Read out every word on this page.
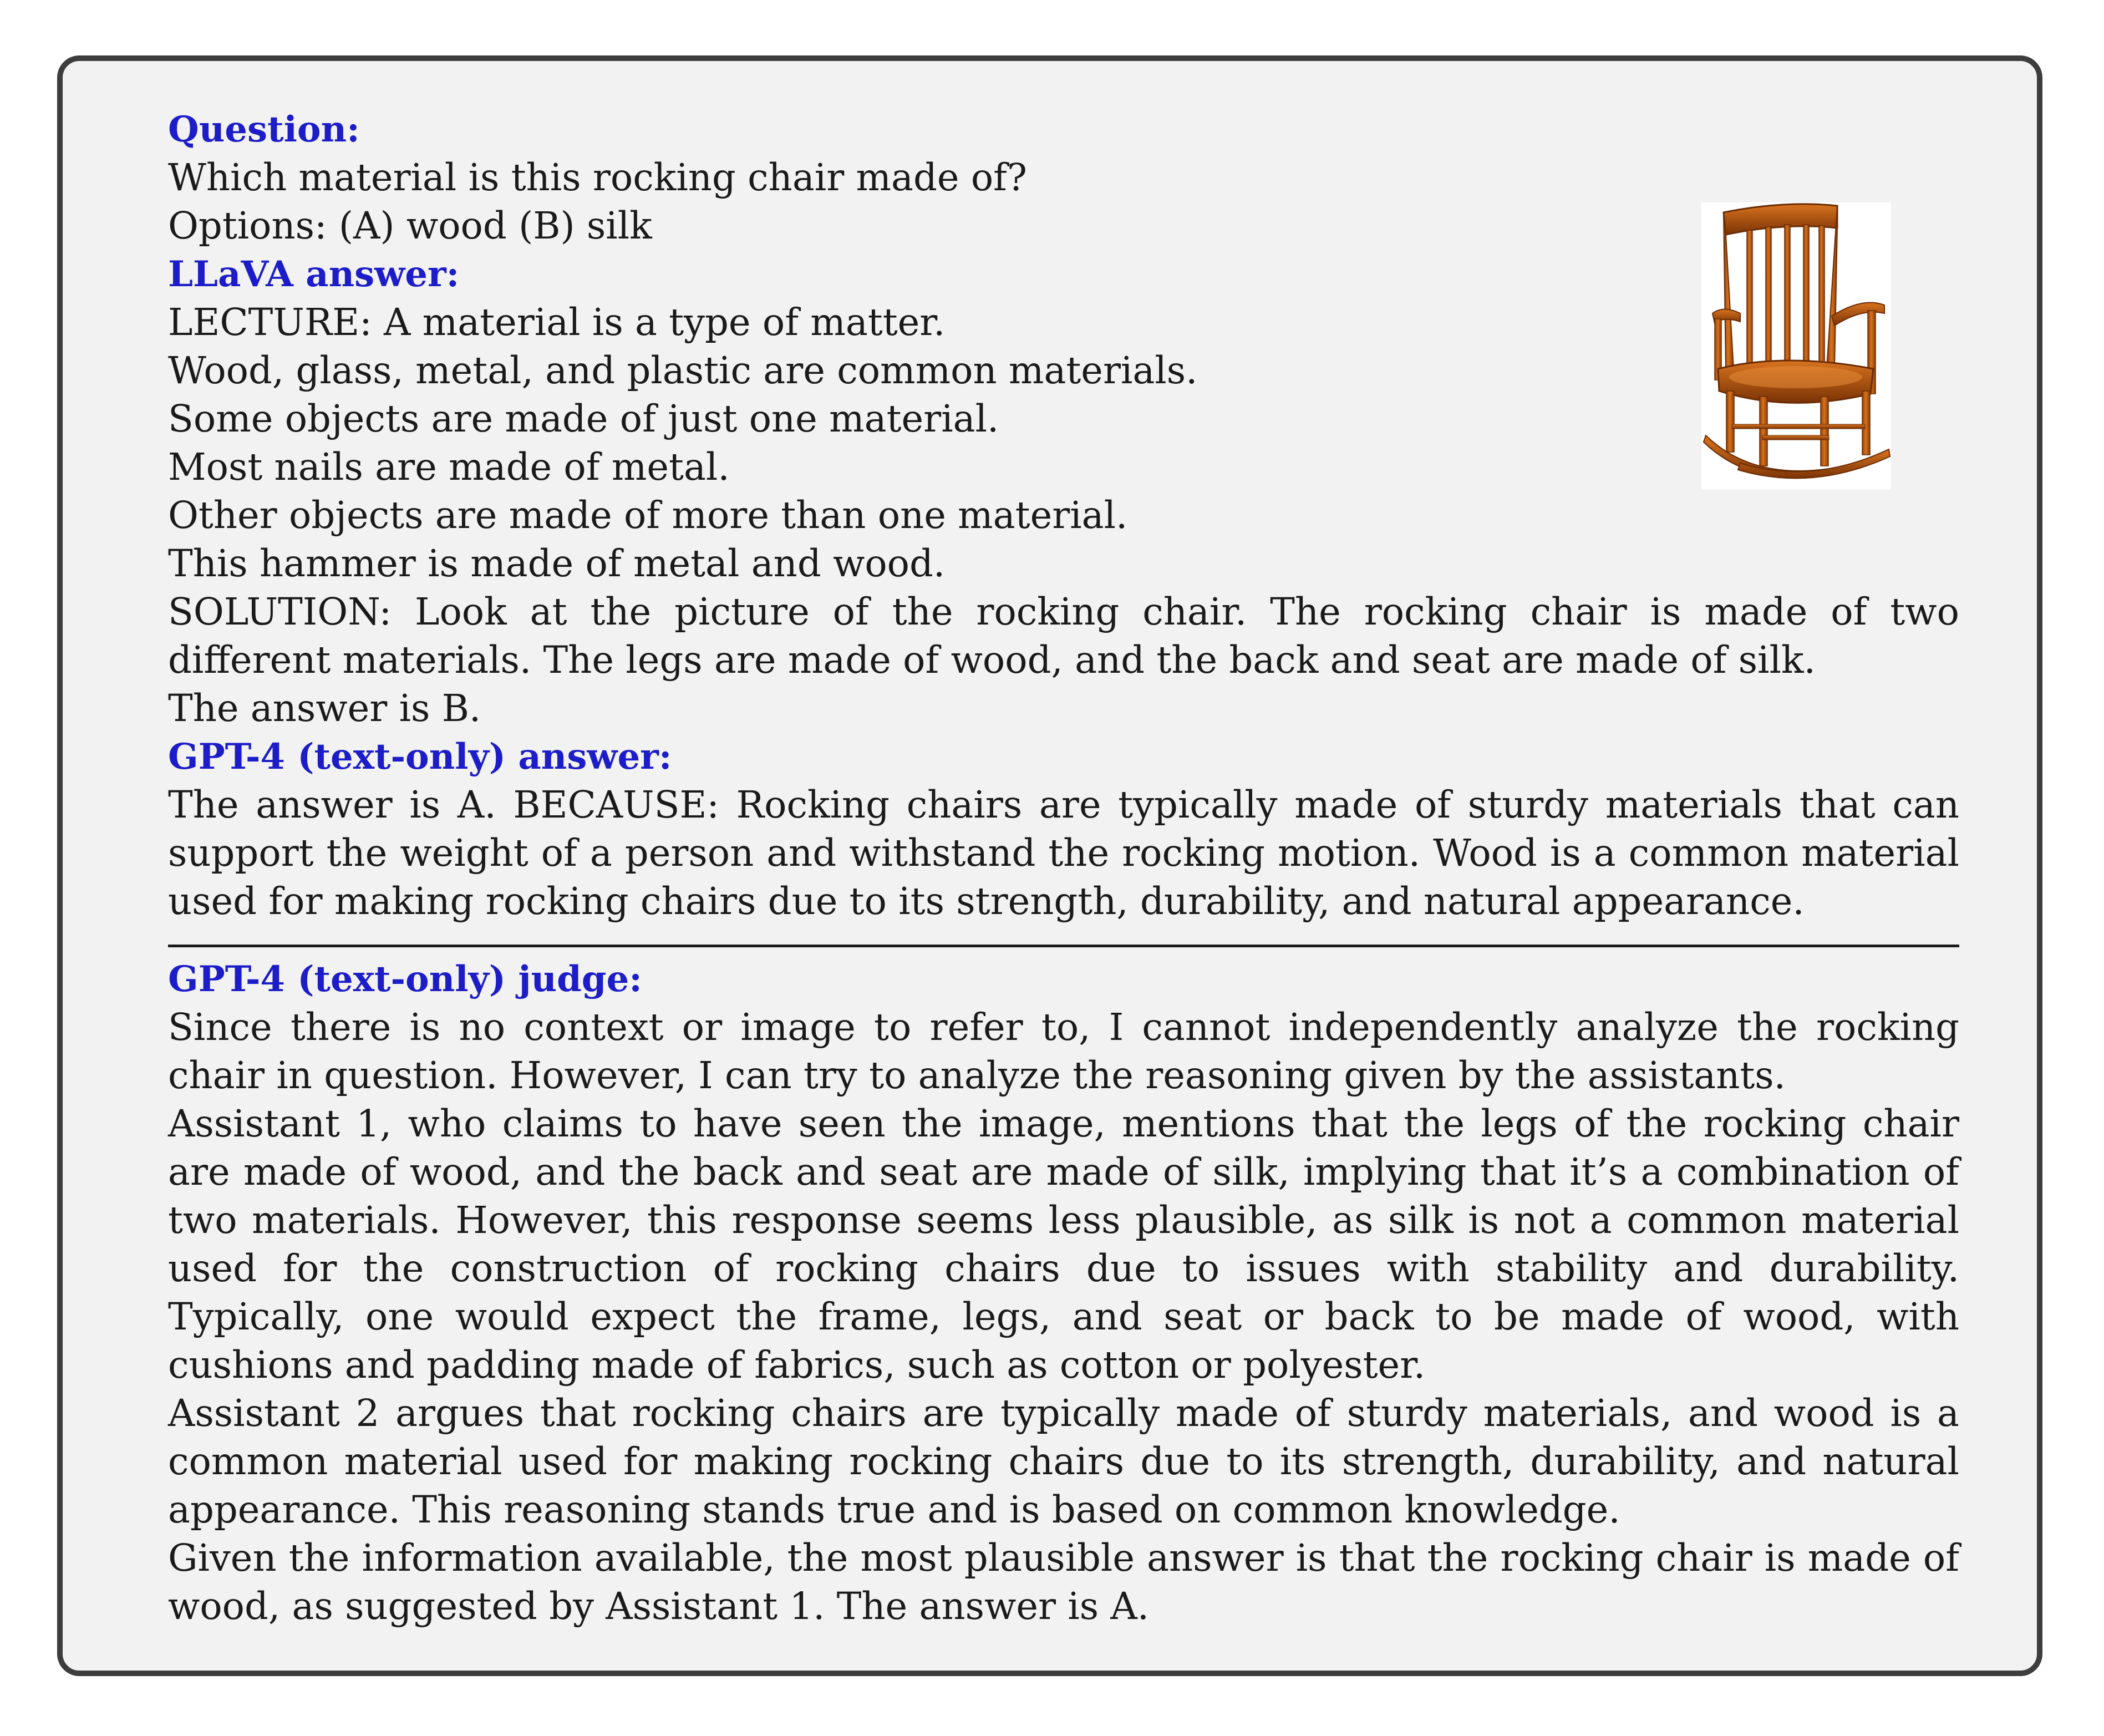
Question:
Which material is this rocking chair made of?
Options: (A) wood (B) silk
LLaVA answer:
LECTURE: A material is a type of matter.
Wood, glass, metal, and plastic are common materials.
Some objects are made of just one material.
Most nails are made of metal.
Other objects are made of more than one material.
This hammer is made of metal and wood.
SOLUTION: Look at the picture of the rocking chair. The rocking chair is made of two different materials. The legs are made of wood, and the back and seat are made of silk.
The answer is B.
GPT-4 (text-only) answer:
The answer is A. BECAUSE: Rocking chairs are typically made of sturdy materials that can support the weight of a person and withstand the rocking motion. Wood is a common material used for making rocking chairs due to its strength, durability, and natural appearance.
GPT-4 (text-only) judge:
Since there is no context or image to refer to, I cannot independently analyze the rocking chair in question. However, I can try to analyze the reasoning given by the assistants.
Assistant 1, who claims to have seen the image, mentions that the legs of the rocking chair are made of wood, and the back and seat are made of silk, implying that it’s a combination of two materials. However, this response seems less plausible, as silk is not a common material used for the construction of rocking chairs due to issues with stability and durability. Typically, one would expect the frame, legs, and seat or back to be made of wood, with cushions and padding made of fabrics, such as cotton or polyester.
Assistant 2 argues that rocking chairs are typically made of sturdy materials, and wood is a common material used for making rocking chairs due to its strength, durability, and natural appearance. This reasoning stands true and is based on common knowledge.
Given the information available, the most plausible answer is that the rocking chair is made of wood, as suggested by Assistant 1. The answer is A.
